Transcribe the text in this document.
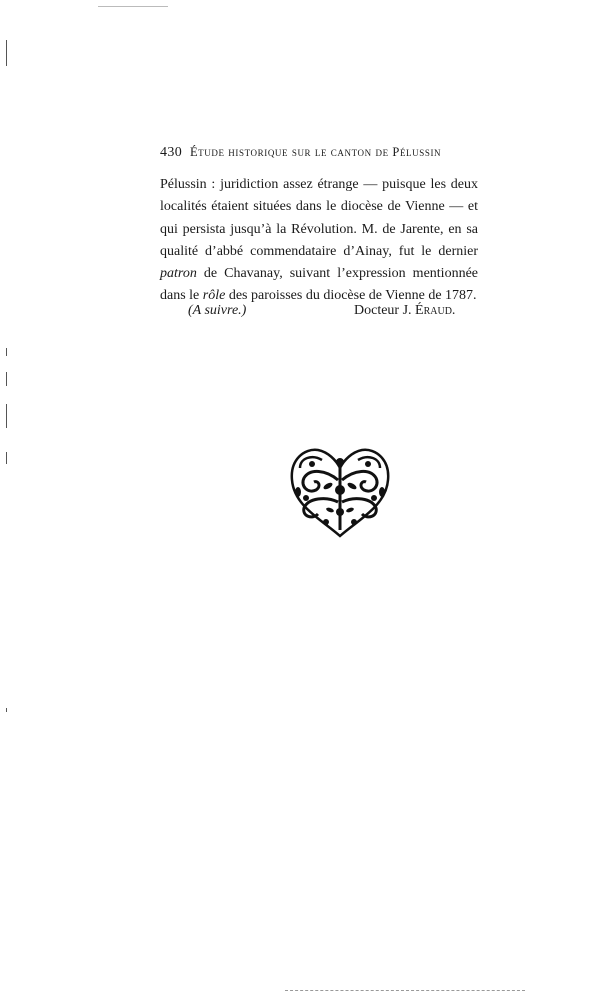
430 Étude historique sur le canton de Pélussin

Pélussin : juridiction assez étrange — puisque les deux localités étaient situées dans le diocèse de Vienne — et qui persista jusqu’à la Révolution. M. de Jarente, en sa qualité d’abbé commendataire d’Ainay, fut le dernier patron de Chavanay, suivant l’expression mentionnée dans le rôle des paroisses du diocèse de Vienne de 1787.

(A suivre.)	Docteur J. Éraud.
